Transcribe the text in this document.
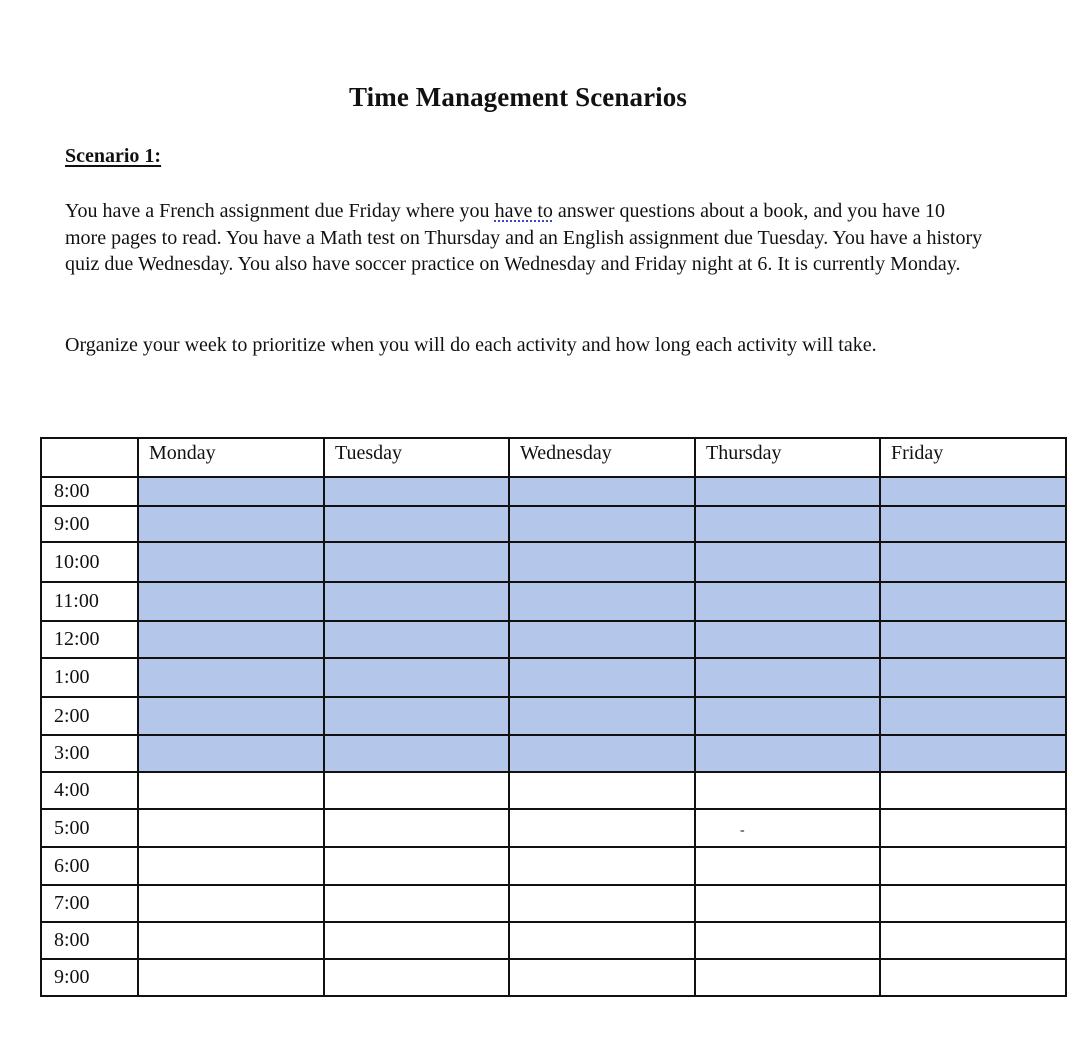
Time Management Scenarios
Scenario 1:

You have a French assignment due Friday where you have to answer questions about a book, and you have 10 more pages to read. You have a Math test on Thursday and an English assignment due Tuesday. You have a history quiz due Wednesday. You also have soccer practice on Wednesday and Friday night at 6. It is currently Monday.

Organize your week to prioritize when you will do each activity and how long each activity will take.

	Monday	Tuesday	Wednesday	Thursday	Friday
8:00					
9:00					
10:00					
11:00					
12:00					
1:00					
2:00					
3:00					
4:00					
5:00				-	
6:00					
7:00					
8:00					
9:00					
